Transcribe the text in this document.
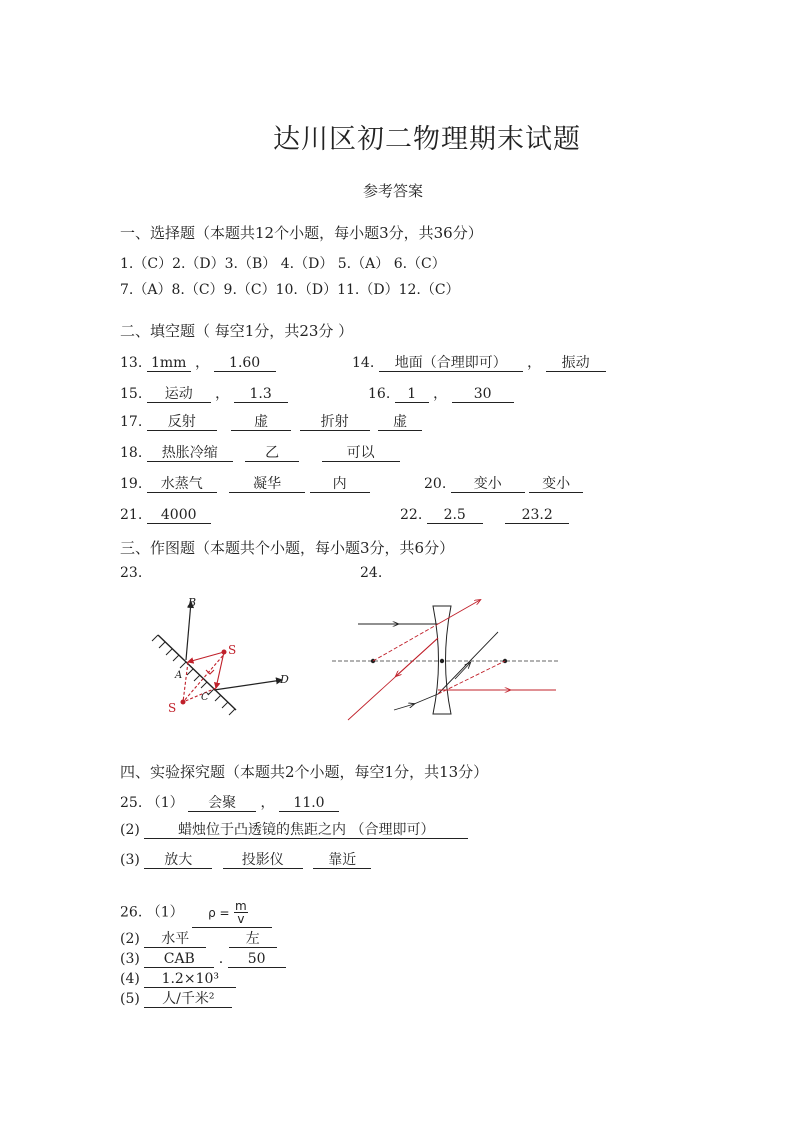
达川区初二物理期末试题
参考答案
一、选择题（本题共12个小题，每小题3分，共36分）
1.（C）2.（D）3.（B） 4.（D） 5.（A） 6.（C）
7.（A）8.（C）9.（C）10.（D）11.（D）12.（C）
二、填空题（ 每空1分，共23分 ）
13. 1mm ， 1.60	14. 地面（合理即可） ， 振动
15. 运动 ， 1.3	16. 1 ， 30
17. 反射	虚	折射	虚
18. 热胀冷缩	乙	可以
19. 水蒸气	凝华	内	20. 变小	变小
21. 4000	22. 2.5	23.2
三、作图题（本题共个小题，每小题3分，共6分）
23.	24.
B
S
S
A
C
D
四、实验探究题（本题共2个小题，每空1分，共13分）
25. （1） 会聚 ， 11.0
(2)	蜡烛位于凸透镜的焦距之内 （合理即可）
(3) 放大	投影仪	靠近
26. （1） $\rho = \frac{m}{v}$
(2) 水平	左
(3) CAB . 50
(4) 1.2×10³
(5) 人/千米²
